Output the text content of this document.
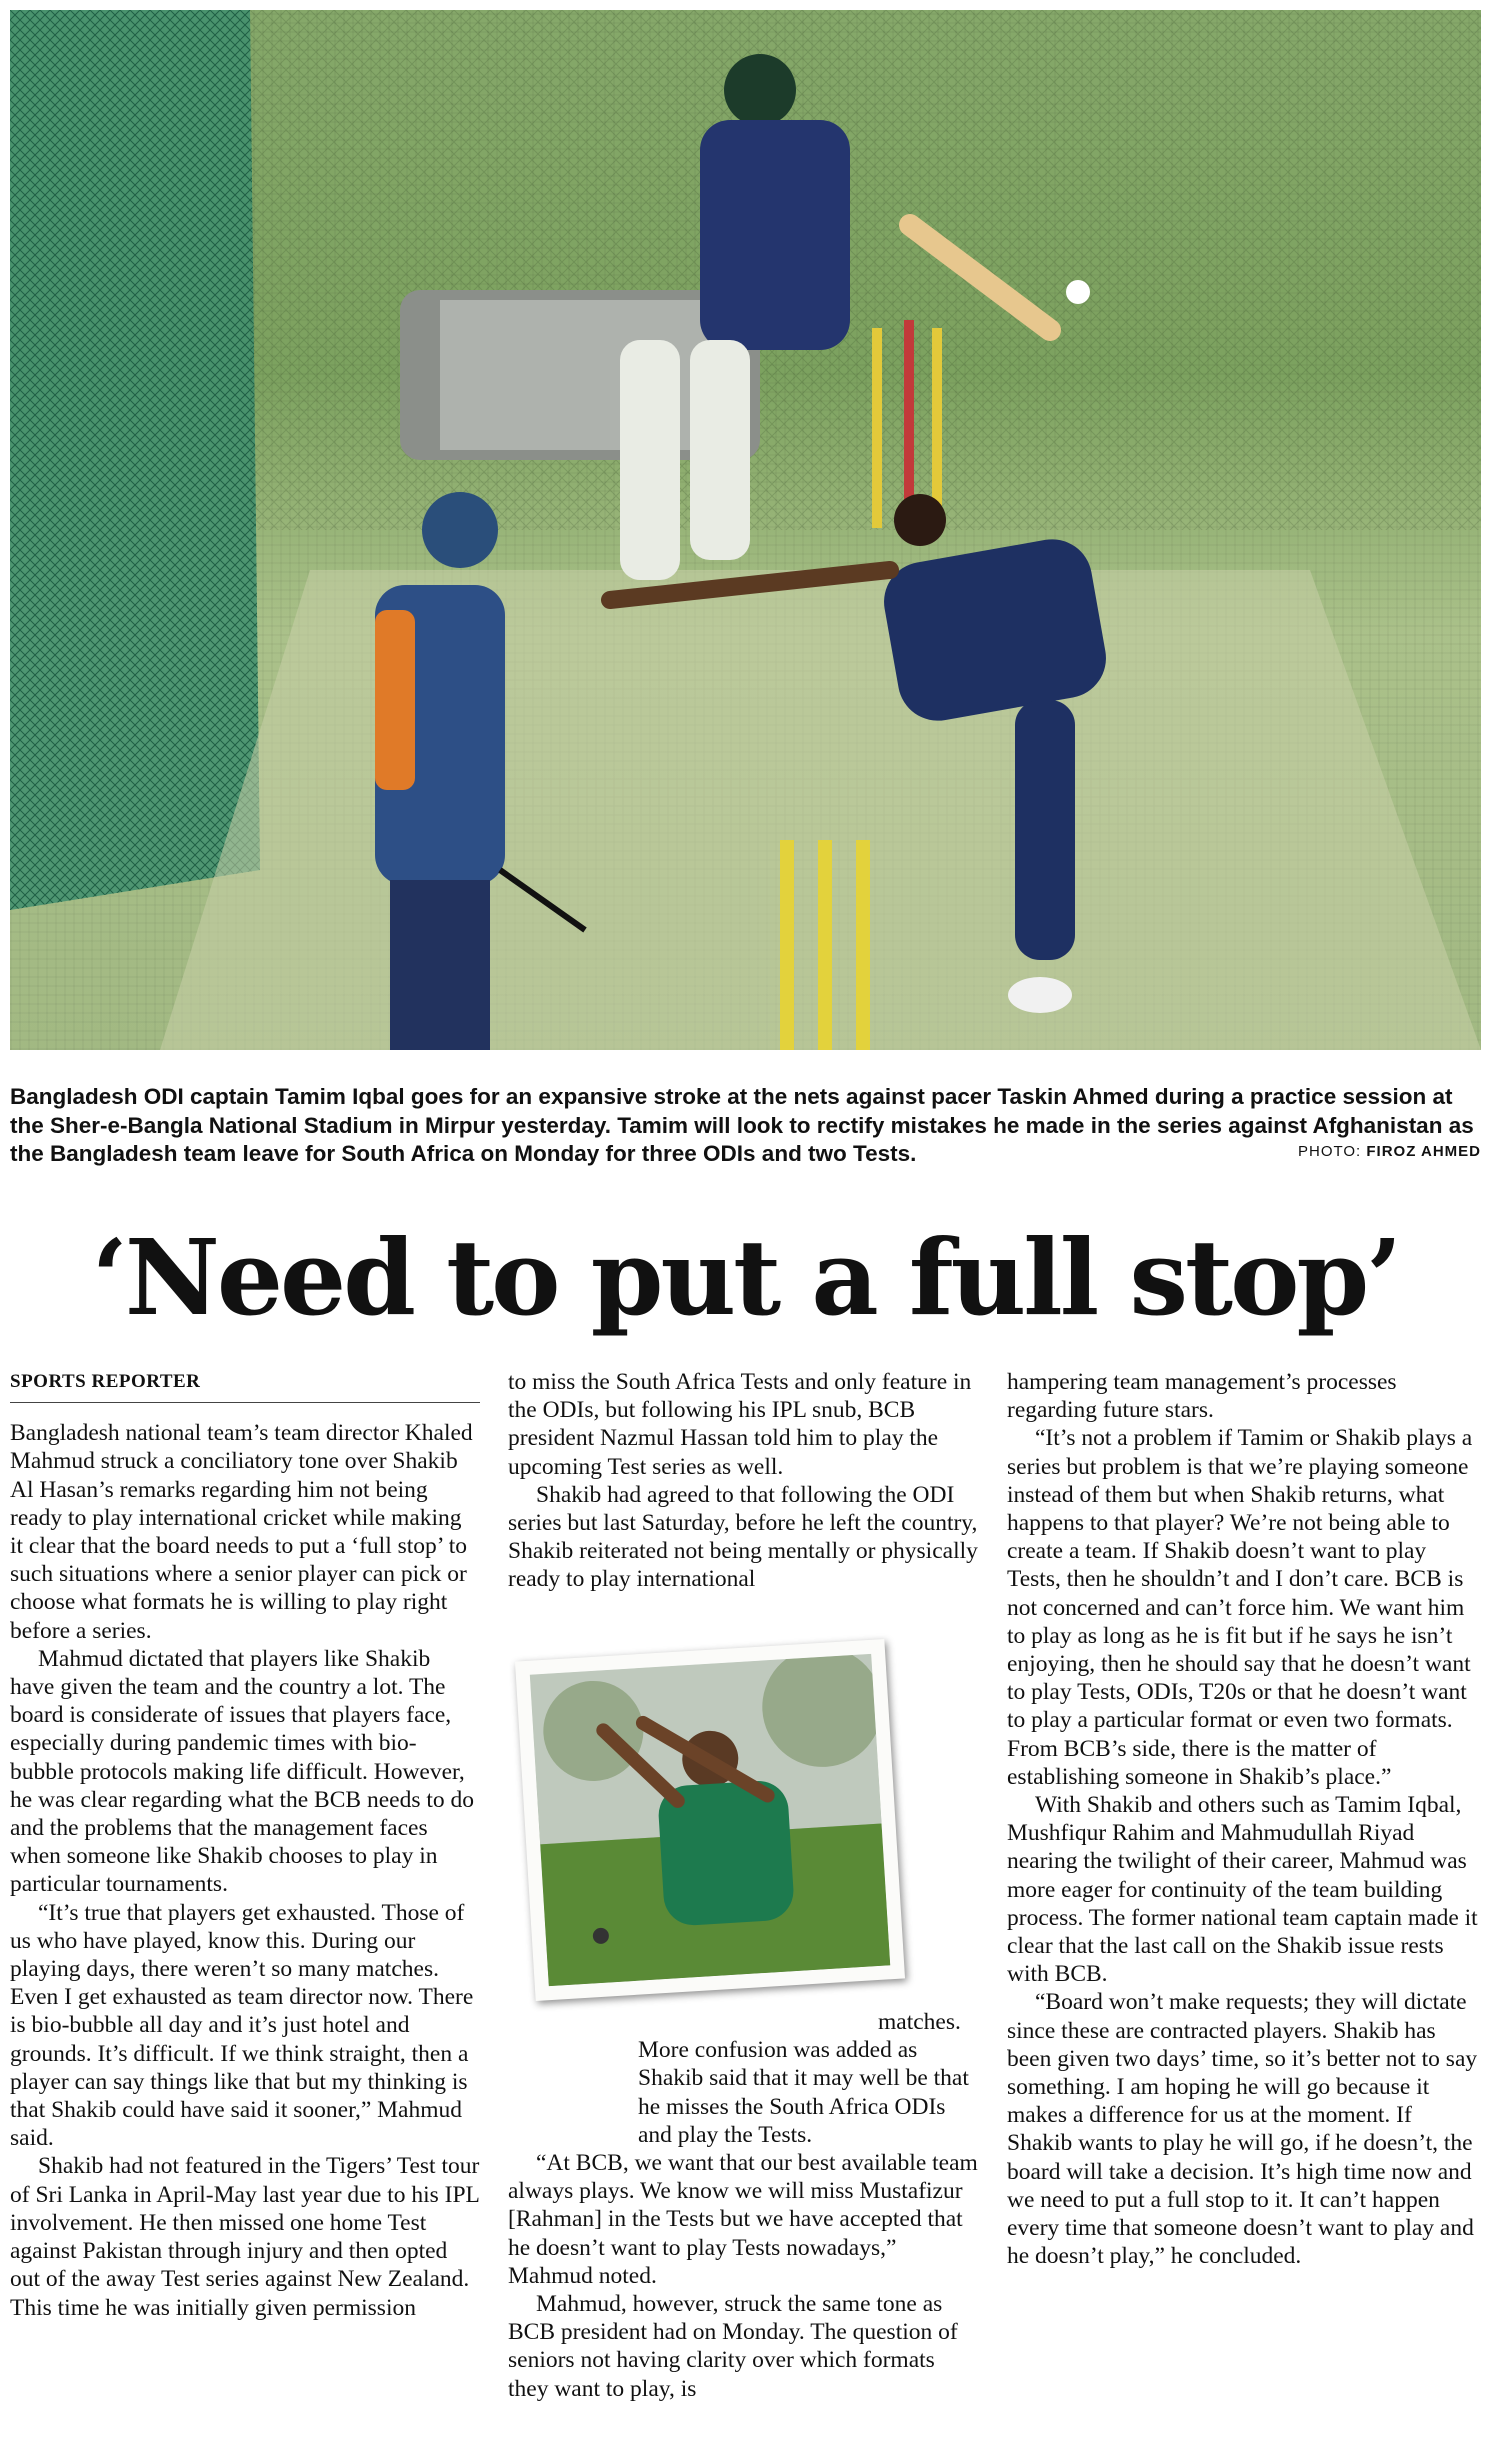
Bangladesh ODI captain Tamim Iqbal goes for an expansive stroke at the nets against pacer Taskin Ahmed during a practice session at the Sher-e-Bangla National Stadium in Mirpur yesterday. Tamim will look to rectify mistakes he made in the series against Afghanistan as the Bangladesh team leave for South Africa on Monday for three ODIs and two Tests.	PHOTO: FIROZ AHMED
‘Need to put a full stop’
SPORTS REPORTER

Bangladesh national team’s team director Khaled Mahmud struck a conciliatory tone over Shakib Al Hasan’s remarks regarding him not being ready to play international cricket while making it clear that the board needs to put a ‘full stop’ to such situations where a senior player can pick or choose what formats he is willing to play right before a series.

Mahmud dictated that players like Shakib have given the team and the country a lot. The board is considerate of issues that players face, especially during pandemic times with bio-bubble protocols making life difficult. However, he was clear regarding what the BCB needs to do and the problems that the management faces when someone like Shakib chooses to play in particular tournaments.

“It’s true that players get exhausted. Those of us who have played, know this. During our playing days, there weren’t so many matches. Even I get exhausted as team director now. There is bio-bubble all day and it’s just hotel and grounds. It’s difficult. If we think straight, then a player can say things like that but my thinking is that Shakib could have said it sooner,” Mahmud said.

Shakib had not featured in the Tigers’ Test tour of Sri Lanka in April-May last year due to his IPL involvement. He then missed one home Test against Pakistan through injury and then opted out of the away Test series against New Zealand. This time he was initially given permission

to miss the South Africa Tests and only feature in the ODIs, but following his IPL snub, BCB president Nazmul Hassan told him to play the upcoming Test series as well.

Shakib had agreed to that following the ODI series but last Saturday, before he left the country, Shakib reiterated not being mentally or physically ready to play international

matches.

More confusion was added as Shakib said that it may well be that he misses the South Africa ODIs and play the Tests.

“At BCB, we want that our best available team always plays. We know we will miss Mustafizur [Rahman] in the Tests but we have accepted that he doesn’t want to play Tests nowadays,” Mahmud noted.

Mahmud, however, struck the same tone as BCB president had on Monday. The question of seniors not having clarity over which formats they want to play, is

hampering team management’s processes regarding future stars.

“It’s not a problem if Tamim or Shakib plays a series but problem is that we’re playing someone instead of them but when Shakib returns, what happens to that player? We’re not being able to create a team. If Shakib doesn’t want to play Tests, then he shouldn’t and I don’t care. BCB is not concerned and can’t force him. We want him to play as long as he is fit but if he says he isn’t enjoying, then he should say that he doesn’t want to play Tests, ODIs, T20s or that he doesn’t want to play a particular format or even two formats. From BCB’s side, there is the matter of establishing someone in Shakib’s place.”

With Shakib and others such as Tamim Iqbal, Mushfiqur Rahim and Mahmudullah Riyad nearing the twilight of their career, Mahmud was more eager for continuity of the team building process. The former national team captain made it clear that the last call on the Shakib issue rests with BCB.

“Board won’t make requests; they will dictate since these are contracted players. Shakib has been given two days’ time, so it’s better not to say something. I am hoping he will go because it makes a difference for us at the moment. If Shakib wants to play he will go, if he doesn’t, the board will take a decision. It’s high time now and we need to put a full stop to it. It can’t happen every time that someone doesn’t want to play and he doesn’t play,” he concluded.
